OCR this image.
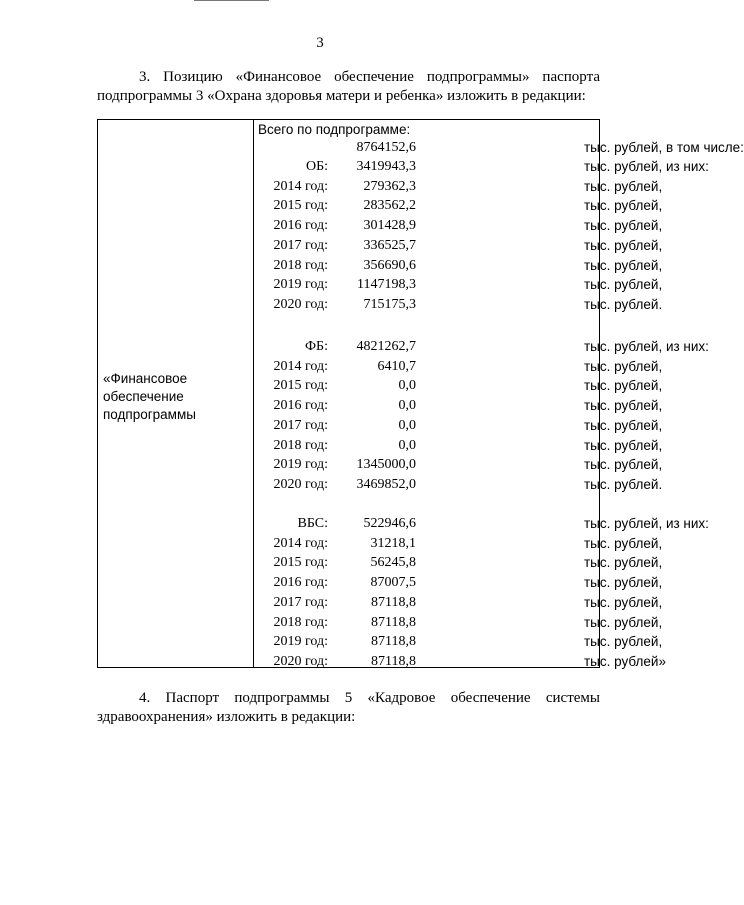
3

3. Позицию «Финансовое обеспечение подпрограммы» паспорта
подпрограммы 3 «Охрана здоровья матери и ребенка» изложить в редакции:

«Финансовое
обеспечение
подпрограммы
Всего по подпрограмме:
8764152,6	тыс. рублей, в том числе:
ОБ: 3419943,3	тыс. рублей, из них:
2014 год:	279362,3	тыс. рублей,
2015 год:	283562,2	тыс. рублей,
2016 год:	301428,9	тыс. рублей,
2017 год:	336525,7	тыс. рублей,
2018 год:	356690,6	тыс. рублей,
2019 год: 1147198,3	тыс. рублей,
2020 год:	715175,3	тыс. рублей.
ФБ: 4821262,7	тыс. рублей, из них:
2014 год:	6410,7	тыс. рублей,
2015 год:	0,0	тыс. рублей,
2016 год:	0,0	тыс. рублей,
2017 год:	0,0	тыс. рублей,
2018 год:	0,0	тыс. рублей,
2019 год: 1345000,0	тыс. рублей,
2020 год: 3469852,0	тыс. рублей.
ВБС:	522946,6	тыс. рублей, из них:
2014 год:	31218,1	тыс. рублей,
2015 год:	56245,8	тыс. рублей,
2016 год:	87007,5	тыс. рублей,
2017 год:	87118,8	тыс. рублей,
2018 год:	87118,8	тыс. рублей,
2019 год:	87118,8	тыс. рублей,
2020 год:	87118,8	тыс. рублей»

4. Паспорт подпрограммы 5 «Кадровое обеспечение системы
здравоохранения» изложить в редакции:
